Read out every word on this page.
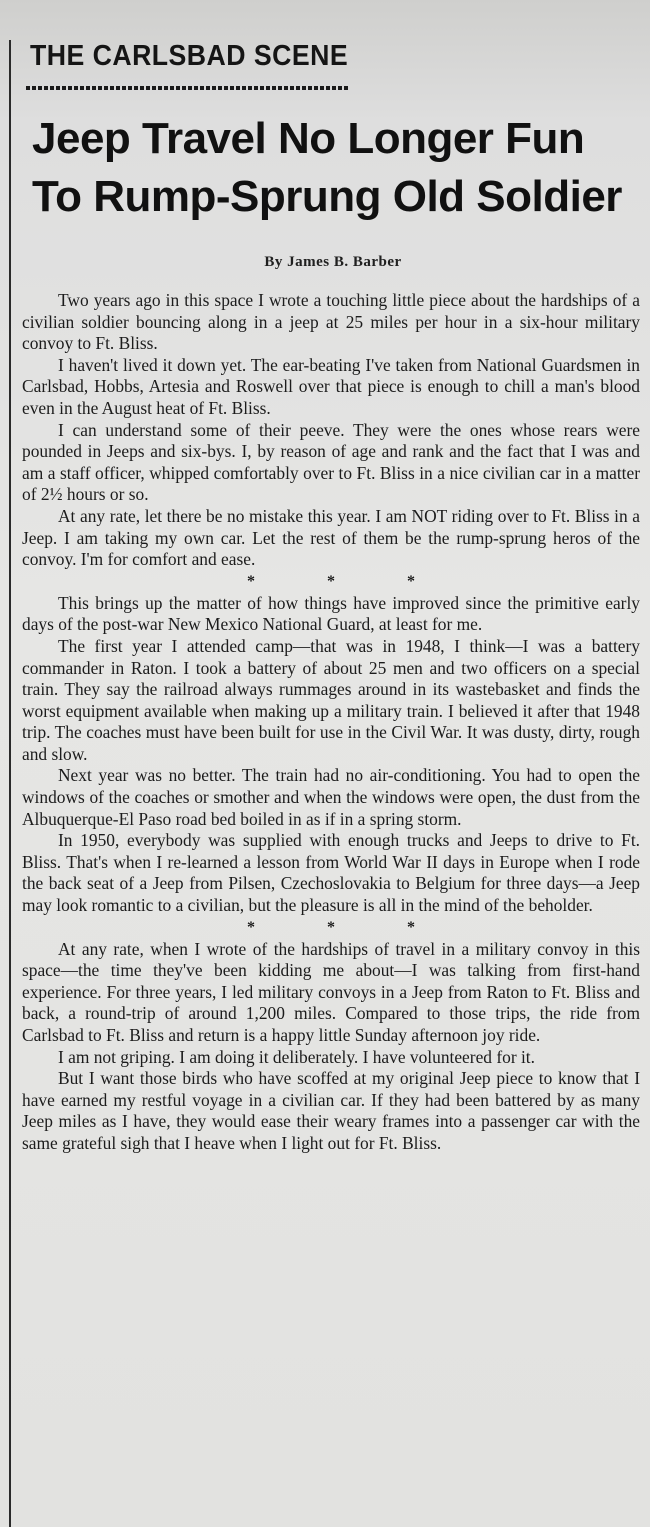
THE CARLSBAD SCENE
Jeep Travel No Longer Fun
To Rump-Sprung Old Soldier
By James B. Barber

Two years ago in this space I wrote a touching little piece about the hardships of a civilian soldier bouncing along in a jeep at 25 miles per hour in a six-hour military convoy to Ft. Bliss.

I haven't lived it down yet. The ear-beating I've taken from National Guardsmen in Carlsbad, Hobbs, Artesia and Roswell over that piece is enough to chill a man's blood even in the August heat of Ft. Bliss.

I can understand some of their peeve. They were the ones whose rears were pounded in Jeeps and six-bys. I, by reason of age and rank and the fact that I was and am a staff officer, whipped comfortably over to Ft. Bliss in a nice civilian car in a matter of 2½ hours or so.

At any rate, let there be no mistake this year. I am NOT riding over to Ft. Bliss in a Jeep. I am taking my own car. Let the rest of them be the rump-sprung heros of the convoy. I'm for comfort and ease.

* * *

This brings up the matter of how things have improved since the primitive early days of the post-war New Mexico National Guard, at least for me.

The first year I attended camp—that was in 1948, I think—I was a battery commander in Raton. I took a battery of about 25 men and two officers on a special train. They say the railroad always rummages around in its wastebasket and finds the worst equipment available when making up a military train. I believed it after that 1948 trip. The coaches must have been built for use in the Civil War. It was dusty, dirty, rough and slow.

Next year was no better. The train had no air-conditioning. You had to open the windows of the coaches or smother and when the windows were open, the dust from the Albuquerque-El Paso road bed boiled in as if in a spring storm.

In 1950, everybody was supplied with enough trucks and Jeeps to drive to Ft. Bliss. That's when I re-learned a lesson from World War II days in Europe when I rode the back seat of a Jeep from Pilsen, Czechoslovakia to Belgium for three days—a Jeep may look romantic to a civilian, but the pleasure is all in the mind of the beholder.

* * *

At any rate, when I wrote of the hardships of travel in a military convoy in this space—the time they've been kidding me about—I was talking from first-hand experience. For three years, I led military convoys in a Jeep from Raton to Ft. Bliss and back, a round-trip of around 1,200 miles. Compared to those trips, the ride from Carlsbad to Ft. Bliss and return is a happy little Sunday afternoon joy ride.

I am not griping. I am doing it deliberately. I have volunteered for it.

But I want those birds who have scoffed at my original Jeep piece to know that I have earned my restful voyage in a civilian car. If they had been battered by as many Jeep miles as I have, they would ease their weary frames into a passenger car with the same grateful sigh that I heave when I light out for Ft. Bliss.
